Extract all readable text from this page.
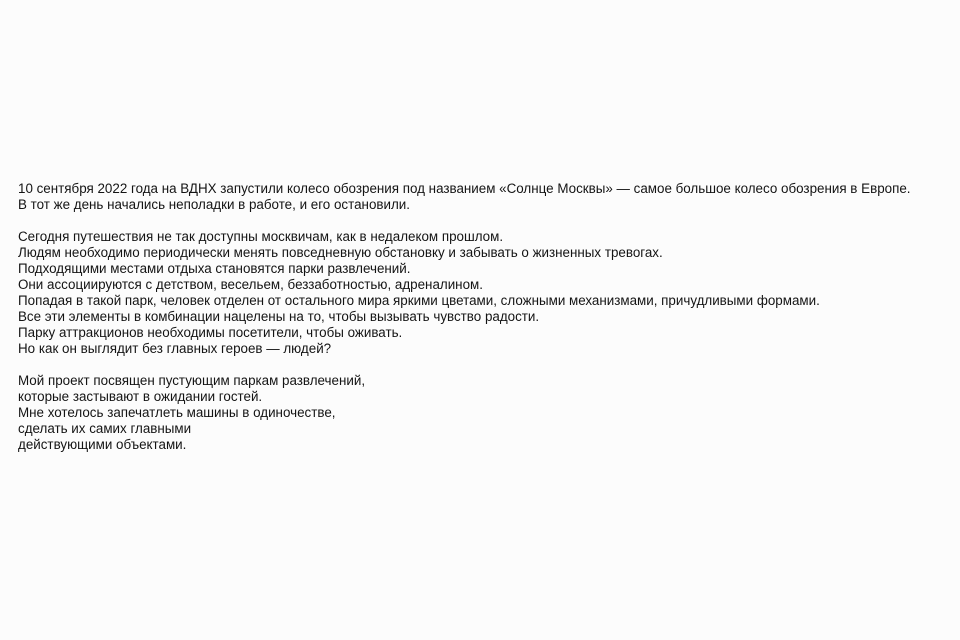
10 сентября 2022 года на ВДНХ запустили колесо обозрения под названием «Солнце Москвы» — самое большое колесо обозрения в Европе.
В тот же день начались неполадки в работе, и его остановили.

Сегодня путешествия не так доступны москвичам, как в недалеком прошлом.
Людям необходимо периодически менять повседневную обстановку и забывать о жизненных тревогах.
Подходящими местами отдыха становятся парки развлечений.
Они ассоциируются с детством, весельем, беззаботностью, адреналином.
Попадая в такой парк, человек отделен от остального мира яркими цветами, сложными механизмами, причудливыми формами.
Все эти элементы в комбинации нацелены на то, чтобы вызывать чувство радости.
Парку аттракционов необходимы посетители, чтобы оживать.
Но как он выглядит без главных героев — людей?

Мой проект посвящен пустующим паркам развлечений,
которые застывают в ожидании гостей.
Мне хотелось запечатлеть машины в одиночестве,
сделать их самих главными
действующими объектами.
